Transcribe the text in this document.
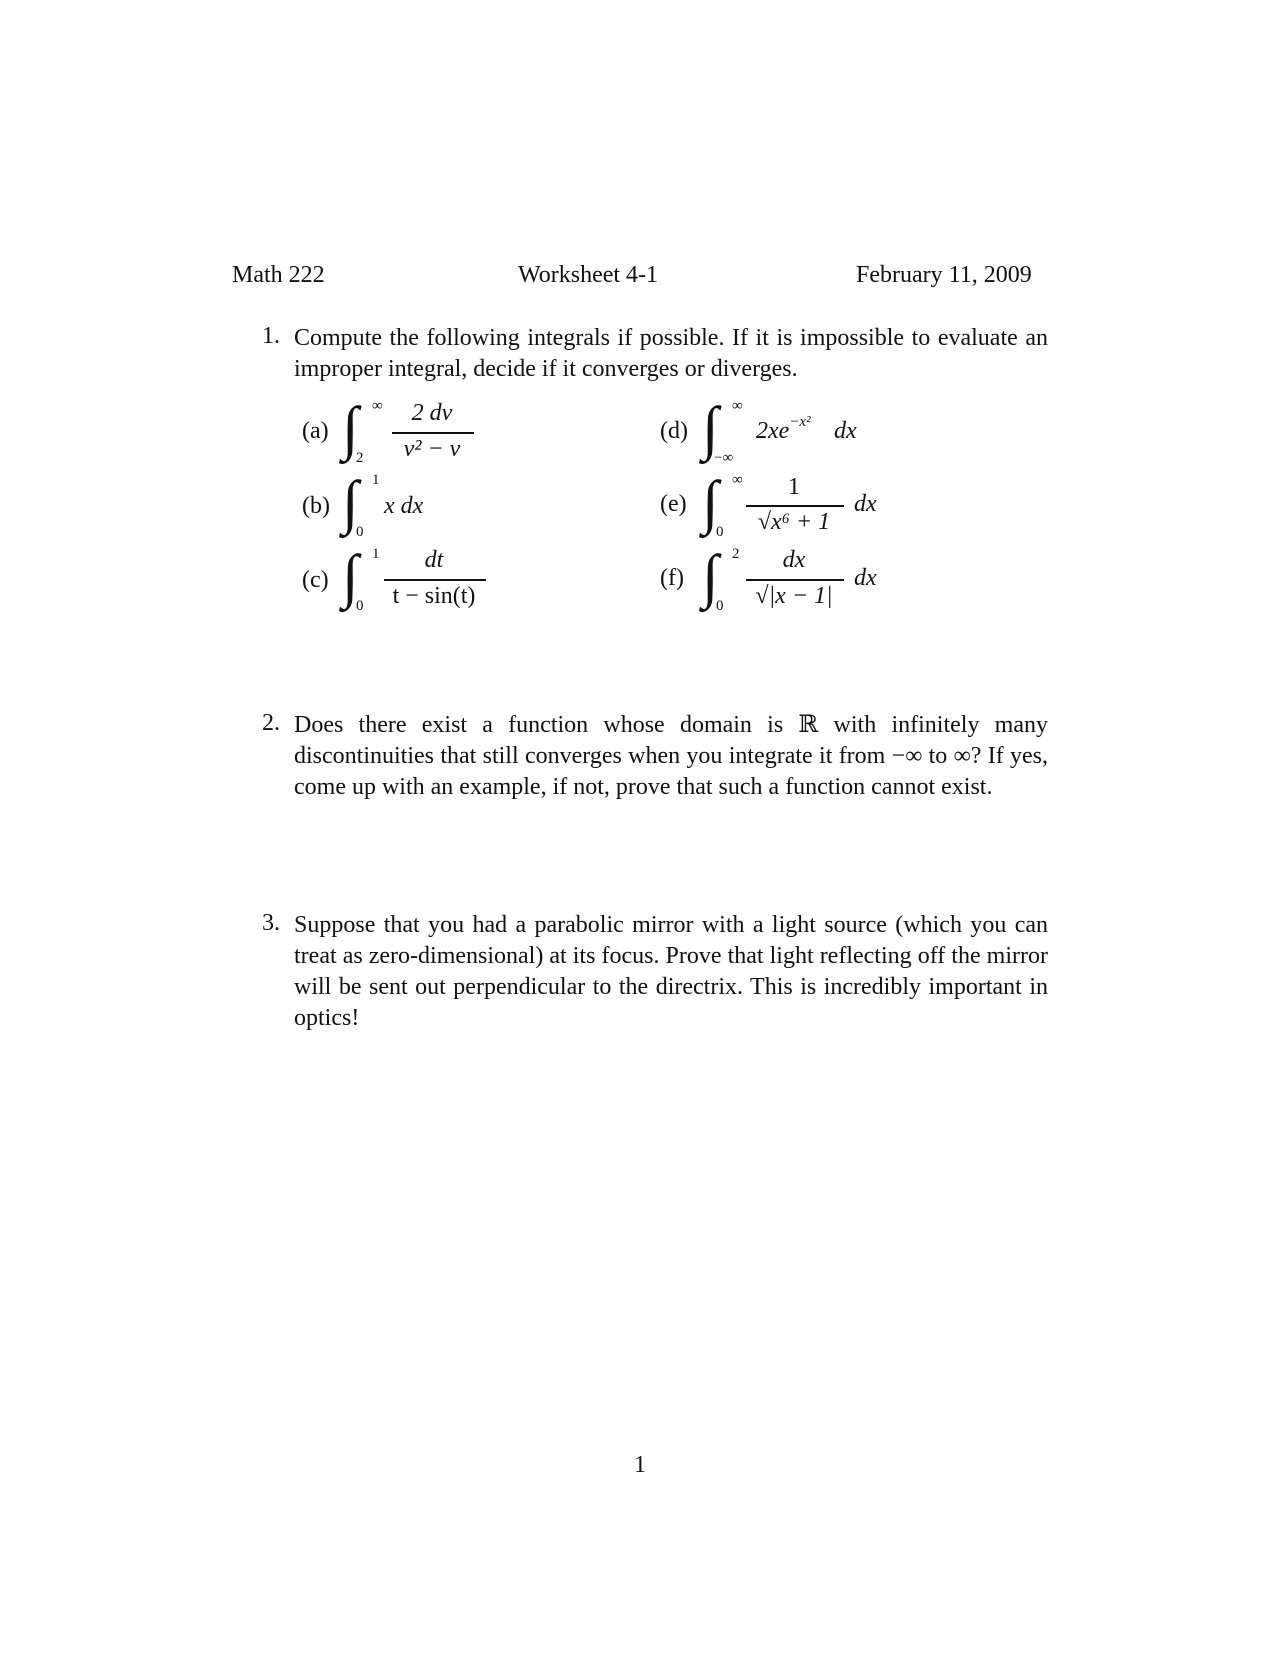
Math 222	Worksheet 4-1	February 11, 2009
1. Compute the following integrals if possible. If it is impossible to evaluate an improper integral, decide if it converges or diverges.
(a) ∫ ∞
2
2 dv
v² − v
(b) ∫ 1
0
x dx
(c) ∫ 1
0
dt
t − sin(t)
(d) ∫ ∞
−∞
$2xe^{-x^2}$ dx
(e) ∫ ∞
0
1
√x⁶ + 1
dx
(f) ∫ 2
0
dx
√|x − 1|
dx
2. Does there exist a function whose domain is ℝ with infinitely many discontinuities that still converges when you integrate it from −∞ to ∞? If yes, come up with an example, if not, prove that such a function cannot exist.
3. Suppose that you had a parabolic mirror with a light source (which you can treat as zero-dimensional) at its focus. Prove that light reflecting off the mirror will be sent out perpendicular to the directrix. This is incredibly important in optics!
1
